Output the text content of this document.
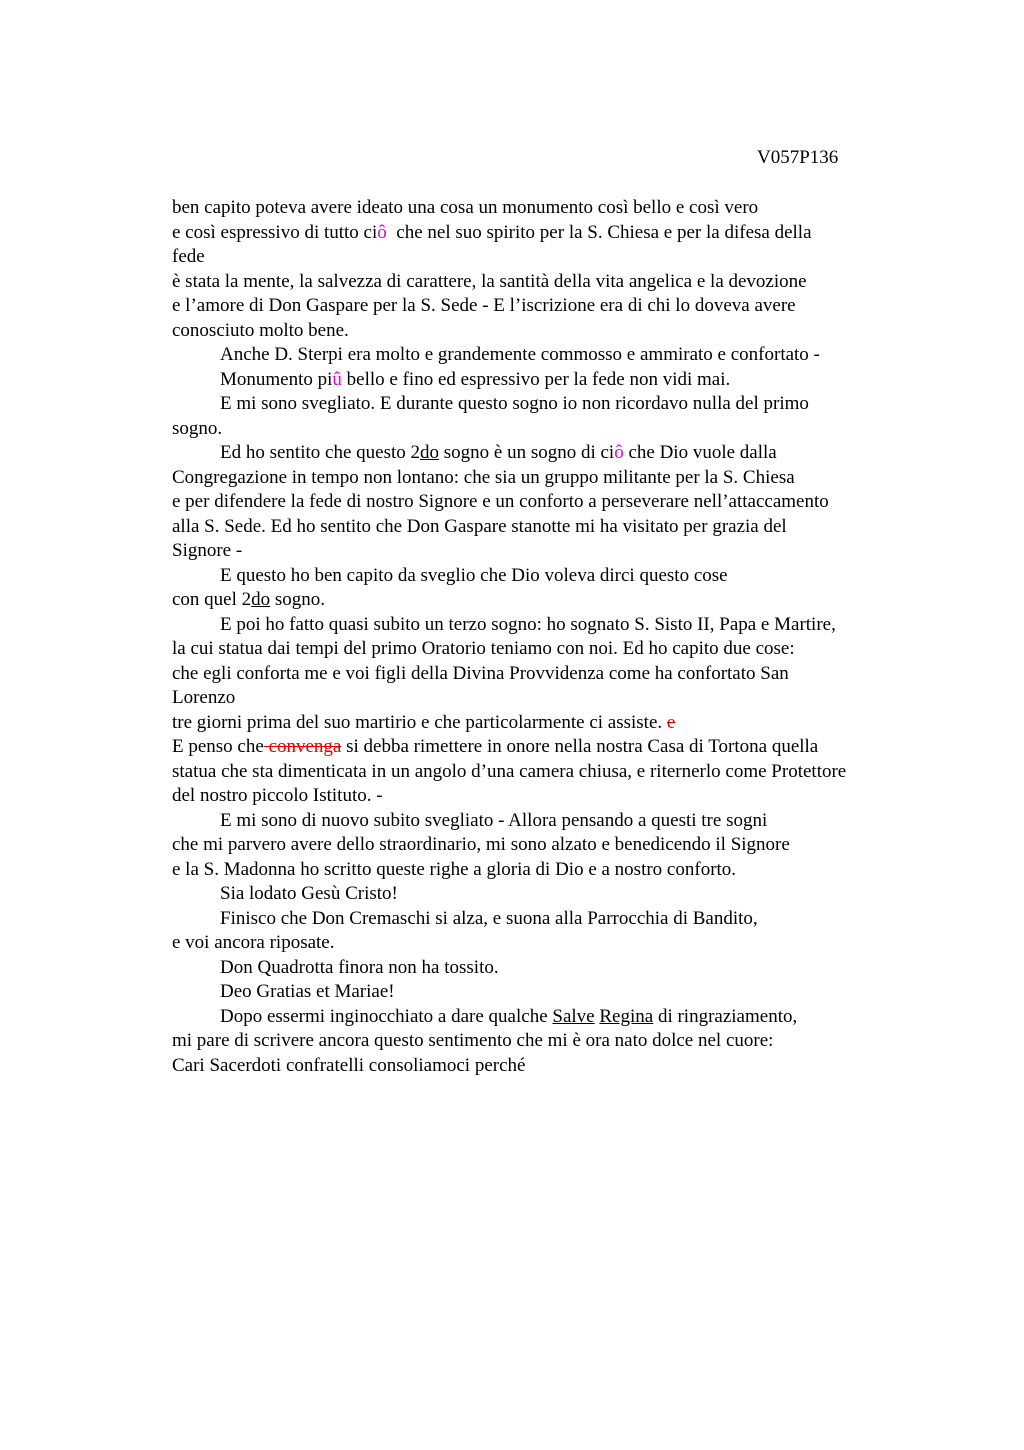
V057P136
ben capito poteva avere ideato una cosa un monumento così bello e così vero
e così espressivo di tutto ciô  che nel suo spirito per la S. Chiesa e per la difesa della
fede
è stata la mente, la salvezza di carattere, la santità della vita angelica e la devozione
e l’amore di Don Gaspare per la S. Sede - E l’iscrizione era di chi lo doveva avere
conosciuto molto bene.
Anche D. Sterpi era molto e grandemente commosso e ammirato e confortato -
Monumento piû bello e fino ed espressivo per la fede non vidi mai.
E mi sono svegliato. E durante questo sogno io non ricordavo nulla del primo
sogno.
Ed ho sentito che questo 2do sogno è un sogno di ciô che Dio vuole dalla
Congregazione in tempo non lontano: che sia un gruppo militante per la S. Chiesa
e per difendere la fede di nostro Signore e un conforto a perseverare nell’attaccamento
alla S. Sede. Ed ho sentito che Don Gaspare stanotte mi ha visitato per grazia del
Signore -
E questo ho ben capito da sveglio che Dio voleva dirci questo cose
con quel 2do sogno.
E poi ho fatto quasi subito un terzo sogno: ho sognato S. Sisto II, Papa e Martire,
la cui statua dai tempi del primo Oratorio teniamo con noi. Ed ho capito due cose:
che egli conforta me e voi figli della Divina Provvidenza come ha confortato San
Lorenzo
tre giorni prima del suo martirio e che particolarmente ci assiste. e
E penso che convenga si debba rimettere in onore nella nostra Casa di Tortona quella
statua che sta dimenticata in un angolo d’una camera chiusa, e riternerlo come Protettore
del nostro piccolo Istituto. -
E mi sono di nuovo subito svegliato - Allora pensando a questi tre sogni
che mi parvero avere dello straordinario, mi sono alzato e benedicendo il Signore
e la S. Madonna ho scritto queste righe a gloria di Dio e a nostro conforto.
Sia lodato Gesù Cristo!
Finisco che Don Cremaschi si alza, e suona alla Parrocchia di Bandito,
e voi ancora riposate.
Don Quadrotta finora non ha tossito.
Deo Gratias et Mariae!
Dopo essermi inginocchiato a dare qualche Salve Regina di ringraziamento,
mi pare di scrivere ancora questo sentimento che mi è ora nato dolce nel cuore:
Cari Sacerdoti confratelli consoliamoci perché
